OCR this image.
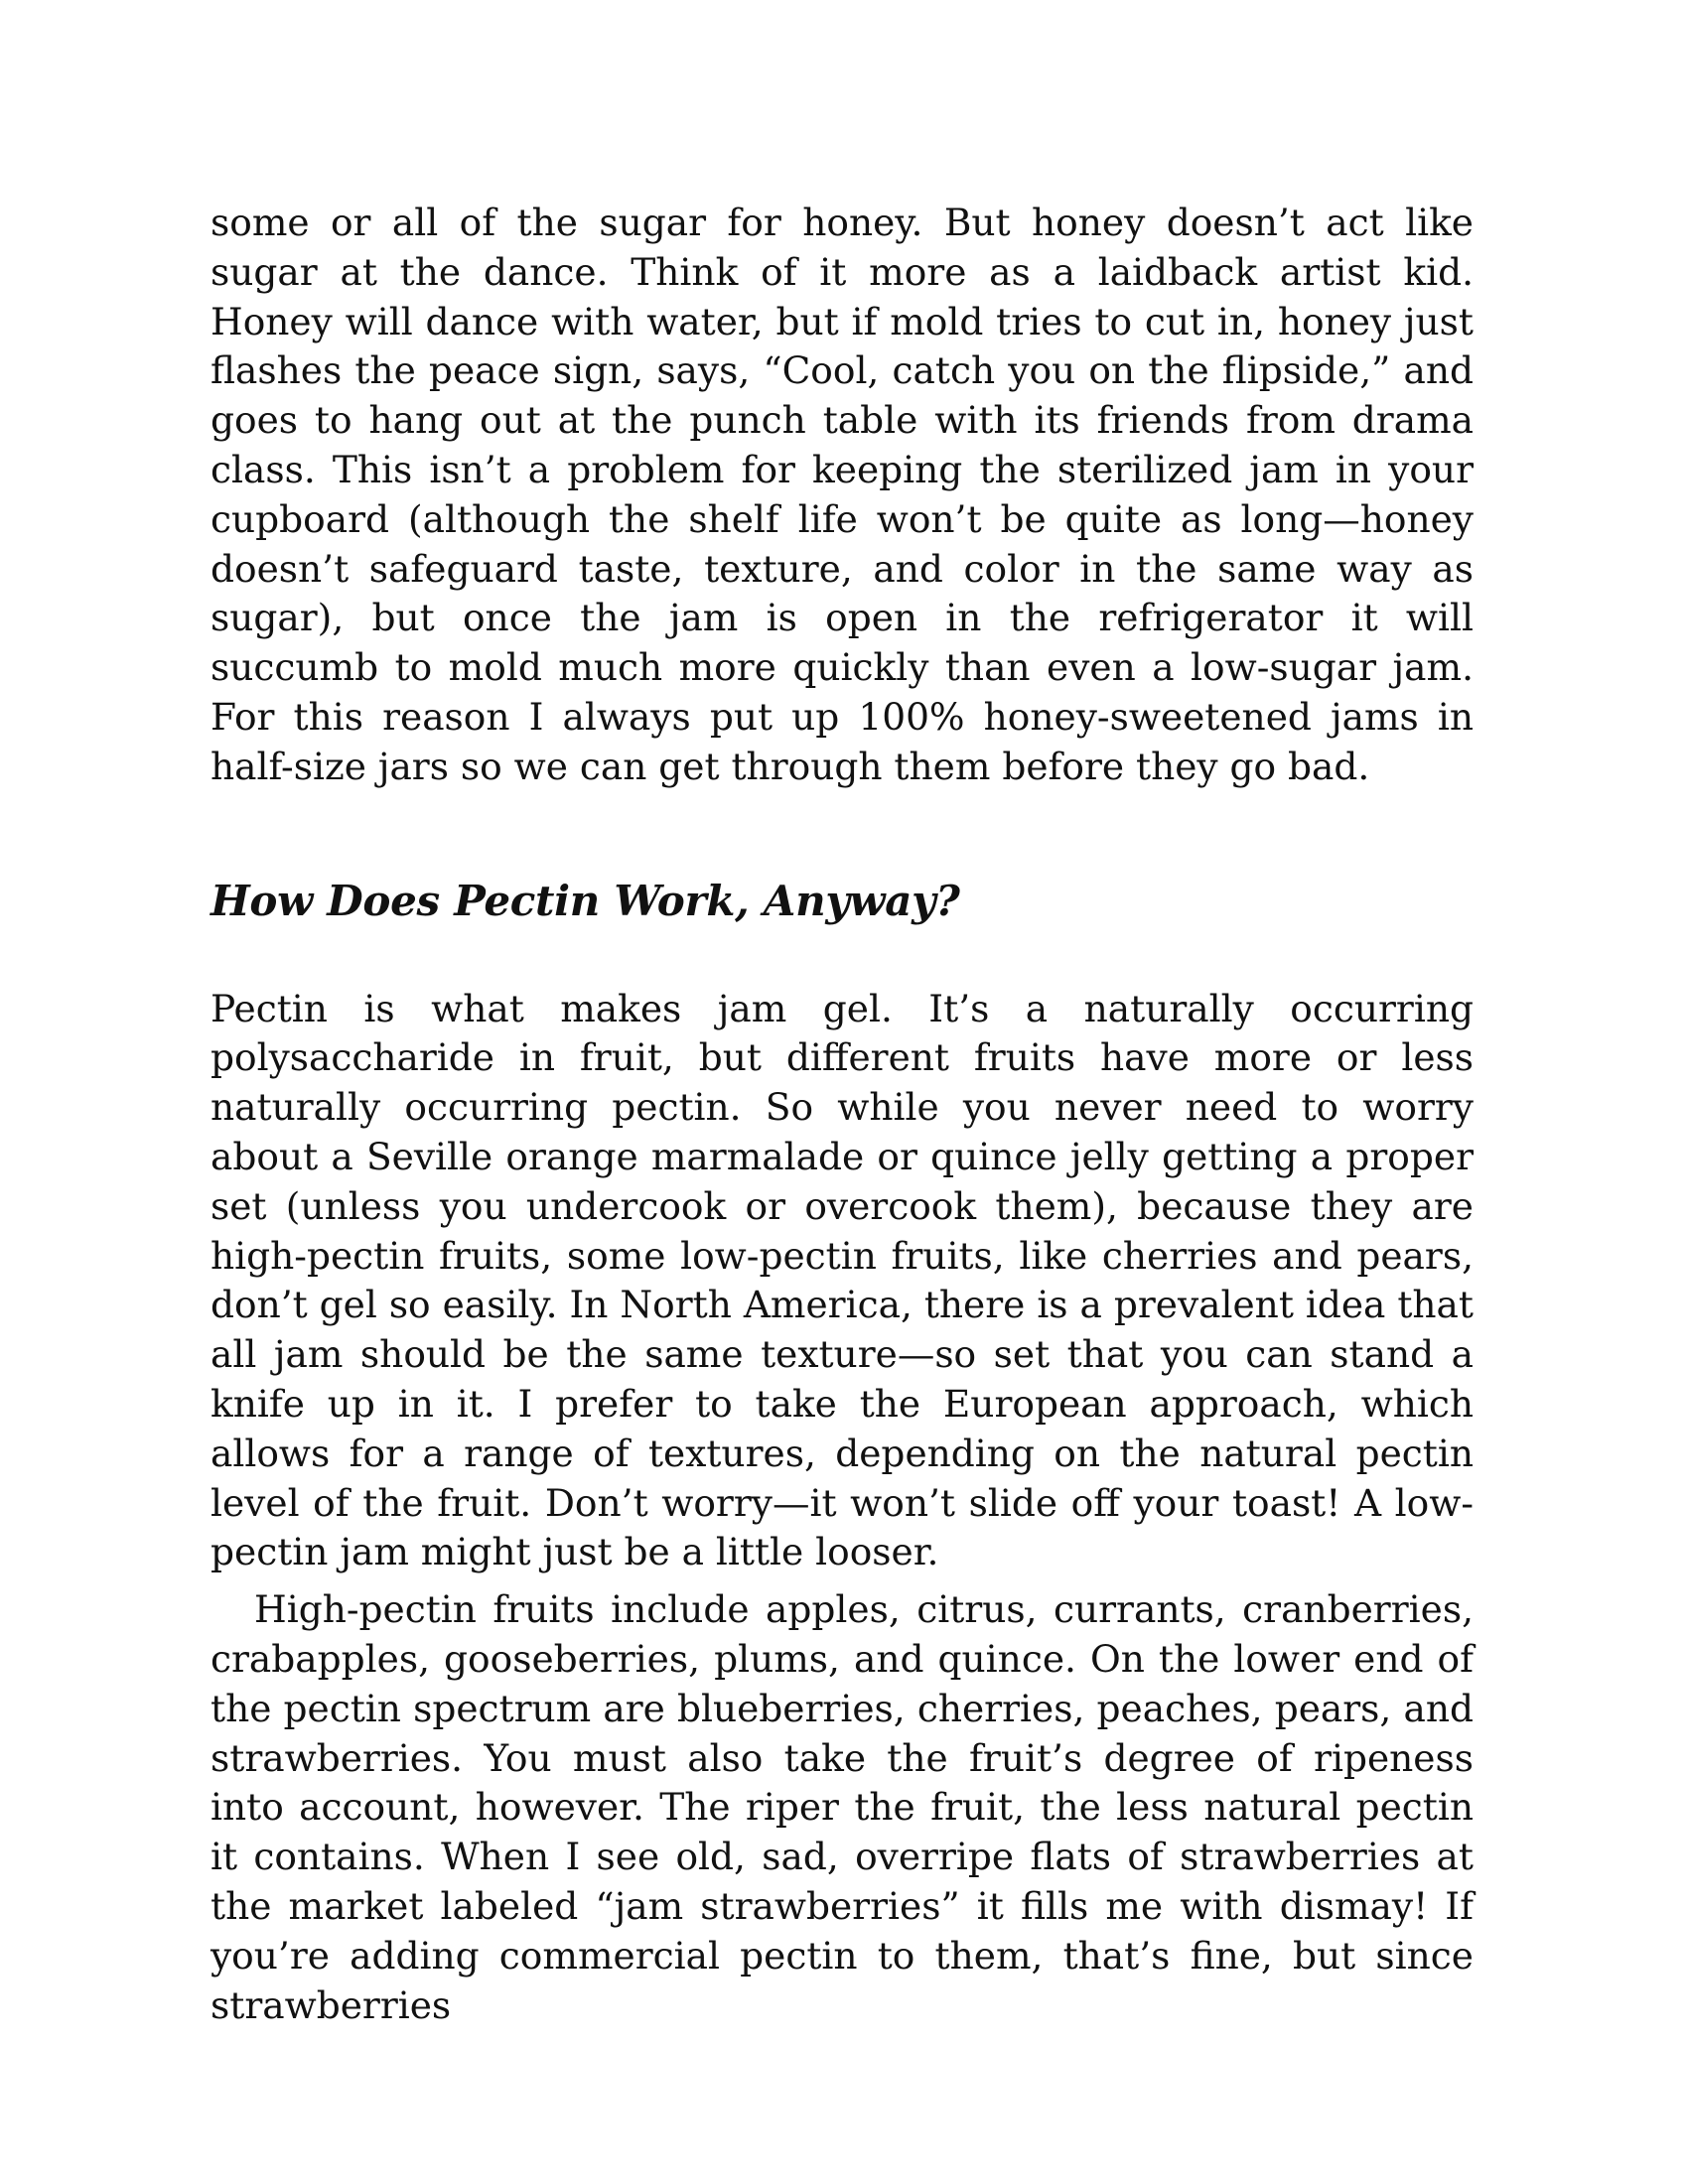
some or all of the sugar for honey. But honey doesn’t act like sugar at the dance. Think of it more as a laidback artist kid. Honey will dance with water, but if mold tries to cut in, honey just flashes the peace sign, says, “Cool, catch you on the flipside,” and goes to hang out at the punch table with its friends from drama class. This isn’t a problem for keeping the sterilized jam in your cupboard (although the shelf life won’t be quite as long—honey doesn’t safeguard taste, texture, and color in the same way as sugar), but once the jam is open in the refrigerator it will succumb to mold much more quickly than even a low-sugar jam. For this reason I always put up 100% honey-sweetened jams in half-size jars so we can get through them before they go bad.

How Does Pectin Work, Anyway?

Pectin is what makes jam gel. It’s a naturally occurring polysaccharide in fruit, but different fruits have more or less naturally occurring pectin. So while you never need to worry about a Seville orange marmalade or quince jelly getting a proper set (unless you undercook or overcook them), because they are high-pectin fruits, some low-pectin fruits, like cherries and pears, don’t gel so easily. In North America, there is a prevalent idea that all jam should be the same texture—so set that you can stand a knife up in it. I prefer to take the European approach, which allows for a range of textures, depending on the natural pectin level of the fruit. Don’t worry—it won’t slide off your toast! A low-pectin jam might just be a little looser.

High-pectin fruits include apples, citrus, currants, cranberries, crabapples, gooseberries, plums, and quince. On the lower end of the pectin spectrum are blueberries, cherries, peaches, pears, and strawberries. You must also take the fruit’s degree of ripeness into account, however. The riper the fruit, the less natural pectin it contains. When I see old, sad, overripe flats of strawberries at the market labeled “jam strawberries” it fills me with dismay! If you’re adding commercial pectin to them, that’s fine, but since strawberries
